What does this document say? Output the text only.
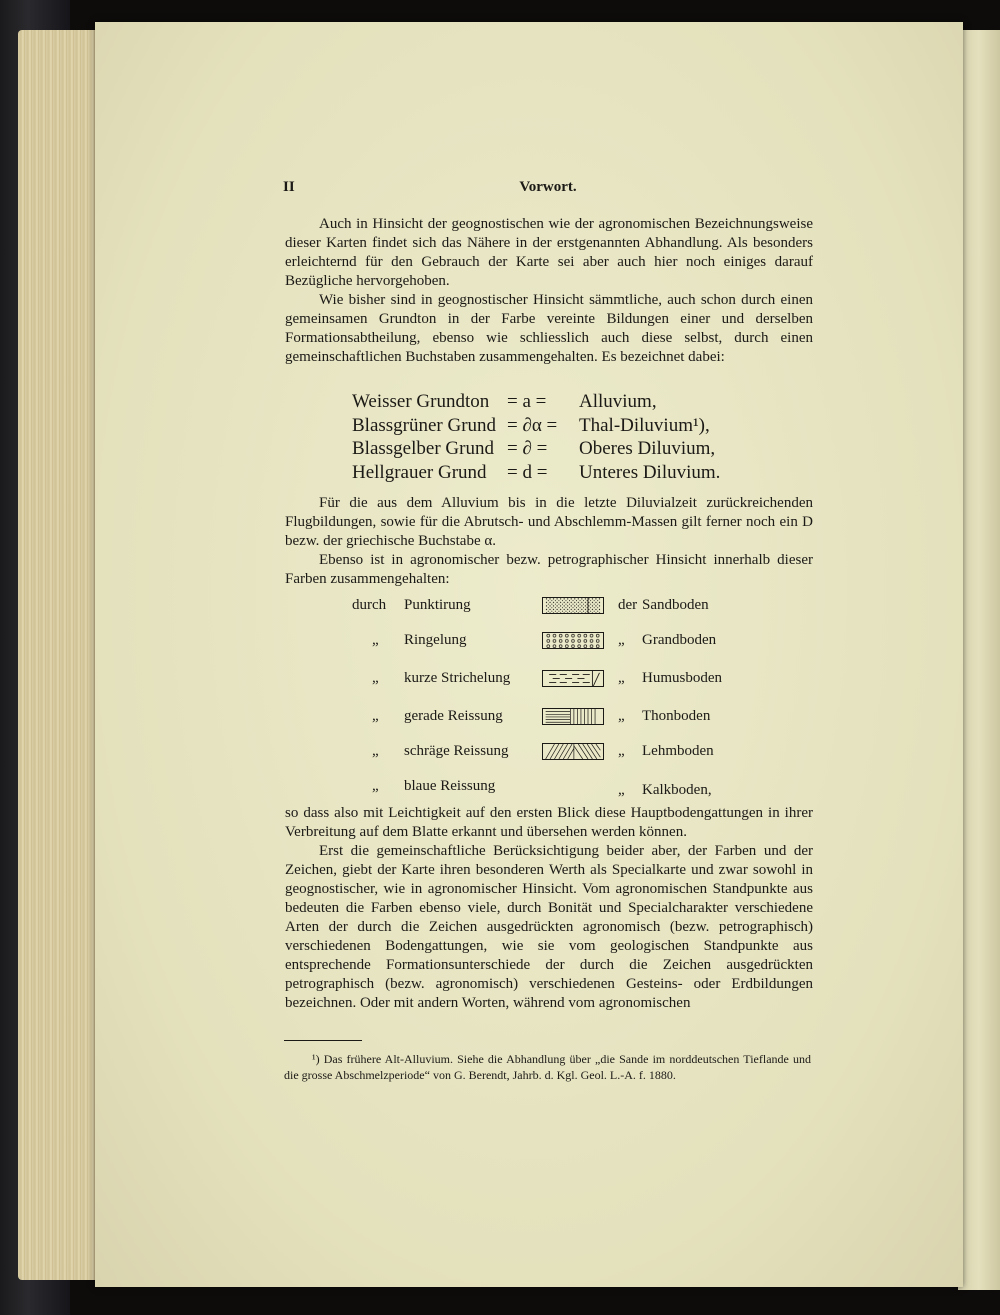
II	Vorwort.

Auch in Hinsicht der geognostischen wie der agronomischen Bezeichnungsweise dieser Karten findet sich das Nähere in der erstgenannten Abhandlung. Als besonders erleichternd für den Gebrauch der Karte sei aber auch hier noch einiges darauf Bezügliche hervorgehoben.

Wie bisher sind in geognostischer Hinsicht sämmtliche, auch schon durch einen gemeinsamen Grundton in der Farbe vereinte Bildungen einer und derselben Formationsabtheilung, ebenso wie schliesslich auch diese selbst, durch einen gemeinschaftlichen Buchstaben zusammengehalten. Es bezeichnet dabei:

Weisser Grundton = a =	Alluvium,
Blassgrüner Grund = ∂α =	Thal-Diluvium¹),
Blassgelber Grund = ∂ =	Oberes Diluvium,
Hellgrauer Grund	= d =	Unteres Diluvium.

Für die aus dem Alluvium bis in die letzte Diluvialzeit zurückreichenden Flugbildungen, sowie für die Abrutsch- und Abschlemm-Massen gilt ferner noch ein D bezw. der griechische Buchstabe α.

Ebenso ist in agronomischer bezw. petrographischer Hinsicht innerhalb dieser Farben zusammengehalten:

durch Punktirung	der Sandboden
„ Ringelung	„ Grandboden
„ kurze Strichelung	„ Humusboden
„ gerade Reissung	„ Thonboden
„ schräge Reissung	„ Lehmboden
„ blaue Reissung	„ Kalkboden,

so dass also mit Leichtigkeit auf den ersten Blick diese Hauptbodengattungen in ihrer Verbreitung auf dem Blatte erkannt und übersehen werden können.

Erst die gemeinschaftliche Berücksichtigung beider aber, der Farben und der Zeichen, giebt der Karte ihren besonderen Werth als Specialkarte und zwar sowohl in geognostischer, wie in agronomischer Hinsicht. Vom agronomischen Standpunkte aus bedeuten die Farben ebenso viele, durch Bonität und Specialcharakter verschiedene Arten der durch die Zeichen ausgedrückten agronomisch (bezw. petrographisch) verschiedenen Bodengattungen, wie sie vom geologischen Standpunkte aus entsprechende Formationsunterschiede der durch die Zeichen ausgedrückten petrographisch (bezw. agronomisch) verschiedenen Gesteins- oder Erdbildungen bezeichnen. Oder mit andern Worten, während vom agronomischen

¹) Das frühere Alt-Alluvium. Siehe die Abhandlung über „die Sande im norddeutschen Tieflande und die grosse Abschmelzperiode“ von G. Berendt, Jahrb. d. Kgl. Geol. L.-A. f. 1880.
